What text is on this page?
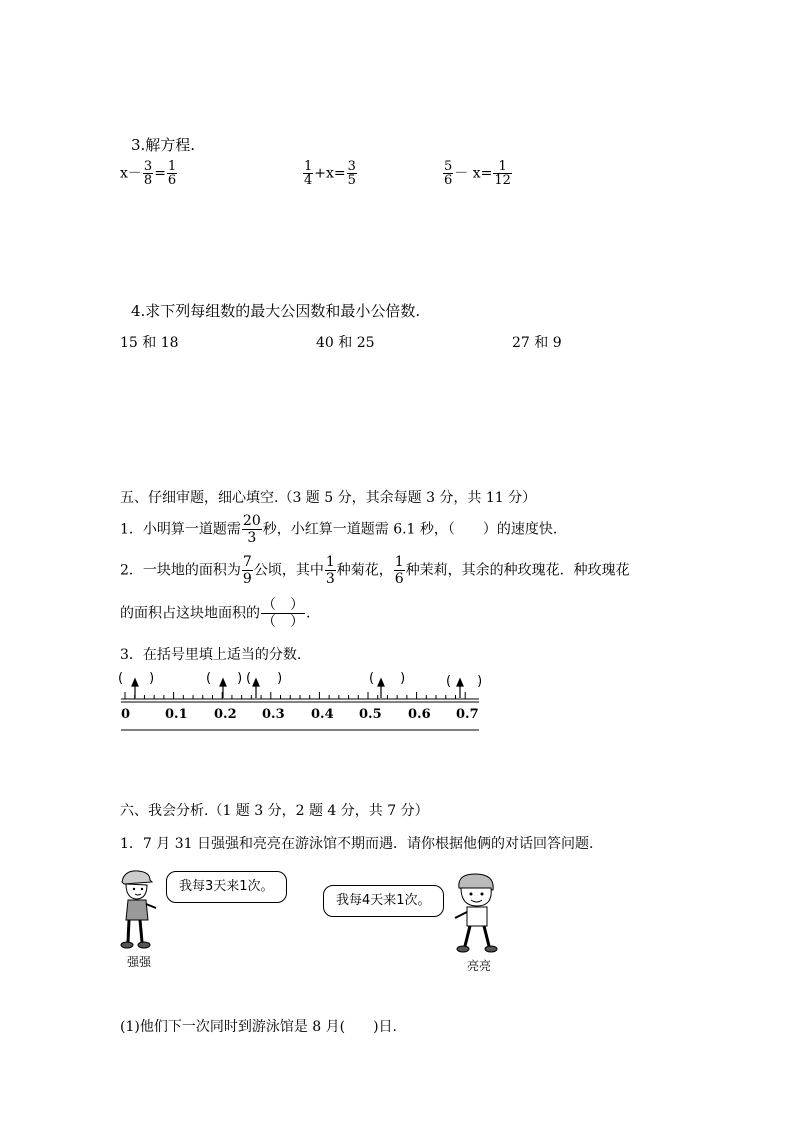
3.解方程.
$x- \frac{3}{8} = \frac{1}{6}$	$\frac{1}{4} +x= \frac{3}{5}$	$\frac{5}{6} - x= \frac{1}{12}$
4.求下列每组数的最大公因数和最小公倍数.
15 和 18	40 和 25	27 和 9
五、仔细审题，细心填空.（3 题 5 分，其余每题 3 分，共 11 分）
1．小明算一道题需 $\frac{20}{3}$ 秒，小红算一道题需 6.1 秒，（　　）的速度快.
2．一块地的面积为 $\frac{7}{9}$ 公顷，其中 $\frac{1}{3}$ 种菊花， $\frac{1}{6}$ 种茉莉，其余的种玫瑰花．种玫瑰花
的面积占这块地面积的 $\frac{( )}{( )}$ .
3．在括号里填上适当的分数.
(　　)	(　　) (　　)	(　　)	(　　)
0	0.1 0.2 0.3 0.4 0.5 0.6 0.7
六、我会分析.（1 题 3 分，2 题 4 分，共 7 分）
1．7 月 31 日强强和亮亮在游泳馆不期而遇．请你根据他俩的对话回答问题.
强强
我每3天来1次。
我每4天来1次。
亮亮
(1)他们下一次同时到游泳馆是 8 月(　　)日.
